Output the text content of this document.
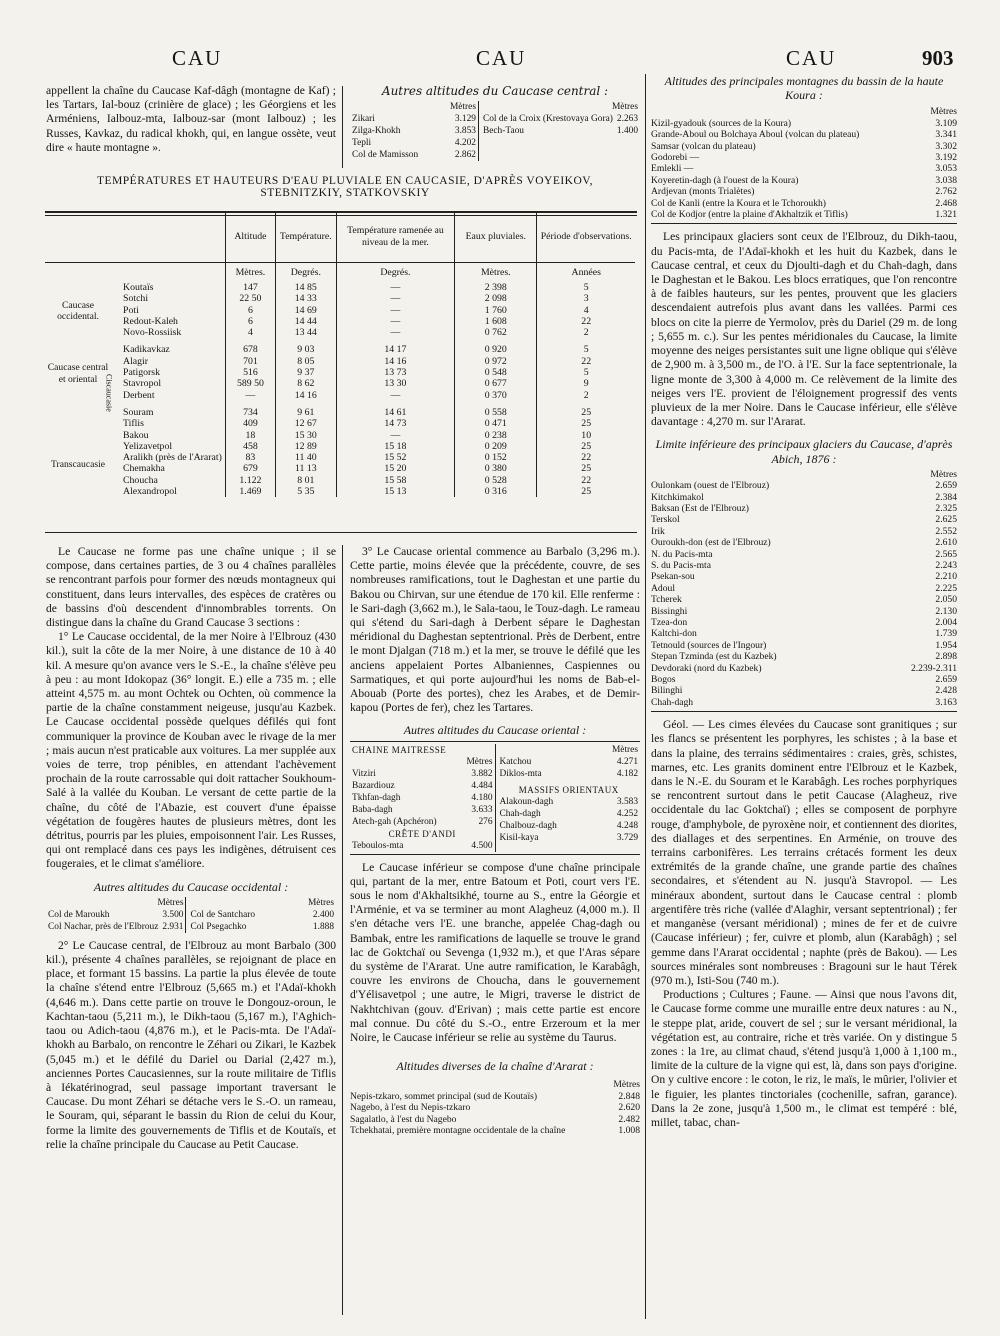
CAU	CAU	CAU	903

appellent la chaîne du Caucase Kaf-dâgh (montagne de Kaf) ; les Tartars, Ial-bouz (crinière de glace) ; les Géorgiens et les Arméniens, Ialbouz-mta, Ialbouz-sar (mont Ialbouz) ; les Russes, Kavkaz, du radical khokh, qui, en langue ossète, veut dire « haute montagne ».

Autres altitudes du Caucase central :
Mètres
Zikari	3.129
Zilga-Khokh	3.853
Tepli	4.202
Col de Mamisson	2.862

Mètres
Col de la Croix (Krestovaya Gora) 2.263
Bech-Taou	1.400
TEMPÉRATURES ET HAUTEURS D'EAU PLUVIALE EN CAUCASIE, D'APRÈS VOYEIKOV,
STEBNITZKIY, STATKOVSKIY
	Altitude	Température.	Température ramenée au niveau de la mer.	Eaux pluviales.	Période d'observations.
	Mètres.	Degrés.	Degrés.	Mètres.	Années

Caucase occidental.
Koutaïs	147	14 85	—	2 398	5
Sotchi	22 50	14 33	—	2 098	3
Poti	6	14 69	—	1 760	4
Redout-Kaleh	6	14 44	—	1 608	22
Novo-Rossiisk	4	13 44	—	0 762	2

Caucase central et oriental Ciscaucasie
Kadikavkaz	678	9 03	14 17	0 920	5
Alagir	701	8 05	14 16	0 972	22
Patigorsk	516	9 37	13 73	0 548	5
Stavropol	589 50	8 62	13 30	0 677	9
Derbent	—	14 16	—	0 370	2

Transcaucasie
Souram	734	9 61	14 61	0 558	25
Tiflis	409	12 67	14 73	0 471	25
Bakou	18	15 30	—	0 238	10
Yelizavetpol	458	12 89	15 18	0 209	25
Aralikh (près de l'Ararat)	83	11 40	15 52	0 152	22
Chemakha	679	11 13	15 20	0 380	25
Choucha	1.122	8 01	15 58	0 528	22
Alexandropol	1.469	5 35	15 13	0 316	25

Le Caucase ne forme pas une chaîne unique ; il se compose, dans certaines parties, de 3 ou 4 chaînes parallèles se rencontrant parfois pour former des nœuds montagneux qui constituent, dans leurs intervalles, des espèces de cratères ou de bassins d'où descendent d'innombrables torrents. On distingue dans la chaîne du Grand Caucase 3 sections :

1° Le Caucase occidental, de la mer Noire à l'Elbrouz (430 kil.), suit la côte de la mer Noire, à une distance de 10 à 40 kil. A mesure qu'on avance vers le S.-E., la chaîne s'élève peu à peu : au mont Idokopaz (36° longit. E.) elle a 735 m. ; elle atteint 4,575 m. au mont Ochtek ou Ochten, où commence la partie de la chaîne constamment neigeuse, jusqu'au Kazbek. Le Caucase occidental possède quelques défilés qui font communiquer la province de Kouban avec le rivage de la mer ; mais aucun n'est praticable aux voitures. La mer supplée aux voies de terre, trop pénibles, en attendant l'achèvement prochain de la route carrossable qui doit rattacher Soukhoum-Salé à la vallée du Kouban. Le versant de cette partie de la chaîne, du côté de l'Abazie, est couvert d'une épaisse végétation de fougères hautes de plusieurs mètres, dont les détritus, pourris par les pluies, empoisonnent l'air. Les Russes, qui ont remplacé dans ces pays les indigènes, détruisent ces fougeraies, et le climat s'améliore.

Autres altitudes du Caucase occidental :
Mètres
Col de Maroukh	3.500
Col Nachar, près de l'Elbrouz 2.931

Mètres
Col de Santcharo	2.400
Col Psegachko	1.888

2° Le Caucase central, de l'Elbrouz au mont Barbalo (300 kil.), présente 4 chaînes parallèles, se rejoignant de place en place, et formant 15 bassins. La partie la plus élevée de toute la chaîne s'étend entre l'Elbrouz (5,665 m.) et l'Adaï-khokh (4,646 m.). Dans cette partie on trouve le Dongouz-oroun, le Kachtan-taou (5,211 m.), le Dikh-taou (5,167 m.), l'Aghich-taou ou Adich-taou (4,876 m.), et le Pacis-mta. De l'Adaï-khokh au Barbalo, on rencontre le Zéhari ou Zikari, le Kazbek (5,045 m.) et le défilé du Dariel ou Darial (2,427 m.), anciennes Portes Caucasiennes, sur la route militaire de Tiflis à Iékatérinograd, seul passage important traversant le Caucase. Du mont Zéhari se détache vers le S.-O. un rameau, le Souram, qui, séparant le bassin du Rion de celui du Kour, forme la limite des gouvernements de Tiflis et de Koutaïs, et relie la chaîne principale du Caucase au Petit Caucase.

3° Le Caucase oriental commence au Barbalo (3,296 m.). Cette partie, moins élevée que la précédente, couvre, de ses nombreuses ramifications, tout le Daghestan et une partie du Bakou ou Chirvan, sur une étendue de 170 kil. Elle renferme : le Sari-dagh (3,662 m.), le Sala-taou, le Touz-dagh. Le rameau qui s'étend du Sari-dagh à Derbent sépare le Daghestan méridional du Daghestan septentrional. Près de Derbent, entre le mont Djalgan (718 m.) et la mer, se trouve le défilé que les anciens appelaient Portes Albaniennes, Caspiennes ou Sarmatiques, et qui porte aujourd'hui les noms de Bab-el-Abouab (Porte des portes), chez les Arabes, et de Demir-kapou (Portes de fer), chez les Tartares.

Autres altitudes du Caucase oriental :
CHAINE MAITRESSE
Mètres
Vitziri	3.882
Bazardiouz	4.484
Tkhfan-dagh	4.180
Baba-dagh	3.633
Atech-gah (Apchéron)	276
CRÊTE D'ANDI
Teboulos-mta	4.500

Mètres
Katchou	4.271
Diklos-mta	4.182
MASSIFS ORIENTAUX
Alakoun-dagh	3.583
Chah-dagh	4.252
Chalbouz-dagh	4.248
Kisil-kaya	3.729

Le Caucase inférieur se compose d'une chaîne principale qui, partant de la mer, entre Batoum et Poti, court vers l'E. sous le nom d'Akhaltsikhé, tourne au S., entre la Géorgie et l'Arménie, et va se terminer au mont Alagheuz (4,000 m.). Il s'en détache vers l'E. une branche, appelée Chag-dagh ou Bambak, entre les ramifications de laquelle se trouve le grand lac de Goktchaï ou Sevenga (1,932 m.), et que l'Aras sépare du système de l'Ararat. Une autre ramification, le Karabâgh, couvre les environs de Choucha, dans le gouvernement d'Yélisavetpol ; une autre, le Migri, traverse le district de Nakhtchivan (gouv. d'Erivan) ; mais cette partie est encore mal connue. Du côté du S.-O., entre Erzeroum et la mer Noire, le Caucase inférieur se relie au système du Taurus.

Altitudes diverses de la chaîne d'Ararat :
Mètres
Nepis-tzkaro, sommet principal (sud de Koutaïs)	2.848
Nagebo, à l'est du Nepis-tzkaro	2.620
Sagalatlo, à l'est du Nagebo	2.482
Tchekhatai, première montagne occidentale de la chaîne	1.008
Altitudes des principales montagnes du bassin de la haute Koura :
Mètres
Kizil-gyadouk (sources de la Koura)	3.109
Grande-Aboul ou Bolchaya Aboul (volcan du plateau)	3.341
Samsar (volcan du plateau)	3.302
Godorebi —	3.192
Emlekli —	3.053
Koyeretin-dagh (à l'ouest de la Koura)	3.038
Ardjevan (monts Trialètes)	2.762
Col de Kanli (entre la Koura et le Tchoroukh)	2.468
Col de Kodjor (entre la plaine d'Akhaltzik et Tiflis)	1.321

Les principaux glaciers sont ceux de l'Elbrouz, du Dikh-taou, du Pacis-mta, de l'Adaï-khokh et les huit du Kazbek, dans le Caucase central, et ceux du Djoulti-dagh et du Chah-dagh, dans le Daghestan et le Bakou. Les blocs erratiques, que l'on rencontre à de faibles hauteurs, sur les pentes, prouvent que les glaciers descendaient autrefois plus avant dans les vallées. Parmi ces blocs on cite la pierre de Yermolov, près du Dariel (29 m. de long ; 5,655 m. c.). Sur les pentes méridionales du Caucase, la limite moyenne des neiges persistantes suit une ligne oblique qui s'élève de 2,900 m. à 3,500 m., de l'O. à l'E. Sur la face septentrionale, la ligne monte de 3,300 à 4,000 m. Ce relèvement de la limite des neiges vers l'E. provient de l'éloignement progressif des vents pluvieux de la mer Noire. Dans le Caucase inférieur, elle s'élève davantage : 4,270 m. sur l'Ararat.

Limite inférieure des principaux glaciers du Caucase, d'après Abich, 1876 :
Mètres
Oulonkam (ouest de l'Elbrouz)	2.659
Kitchkimakol	2.384
Baksan (Est de l'Elbrouz)	2.325
Terskol	2.625
Irik	2.552
Ouroukh-don (est de l'Elbrouz)	2.610
N. du Pacis-mta	2.565
S. du Pacis-mta	2.243
Psekan-sou	2.210
Adoul	2.225
Tcherek	2.050
Bissinghi	2.130
Tzea-don	2.004
Kaltchi-don	1.739
Tetnould (sources de l'Ingour)	1.954
Stepan Tzminda (est du Kazbek)	2.898
Devdoraki (nord du Kazbek)	2.239-2.311
Bogos	2.659
Bilinghi	2.428
Chah-dagh	3.163

Géol. — Les cimes élevées du Caucase sont granitiques ; sur les flancs se présentent les porphyres, les schistes ; à la base et dans la plaine, des terrains sédimentaires : craies, grès, schistes, marnes, etc. Les granits dominent entre l'Elbrouz et le Kazbek, dans le N.-E. du Souram et le Karabâgh. Les roches porphyriques se rencontrent surtout dans le petit Caucase (Alagheuz, rive occidentale du lac Goktchaï) ; elles se composent de porphyre rouge, d'amphybole, de pyroxène noir, et contiennent des diorites, des diallages et des serpentines. En Arménie, on trouve des terrains carbonifères. Les terrains crétacés forment les deux extrémités de la grande chaîne, une grande partie des chaînes secondaires, et s'étendent au N. jusqu'à Stavropol. — Les minéraux abondent, surtout dans le Caucase central : plomb argentifère très riche (vallée d'Alaghir, versant septentrional) ; fer et manganèse (versant méridional) ; mines de fer et de cuivre (Caucase inférieur) ; fer, cuivre et plomb, alun (Karabâgh) ; sel gemme dans l'Ararat occidental ; naphte (près de Bakou). — Les sources minérales sont nombreuses : Bragouni sur le haut Térek (970 m.), Isti-Sou (740 m.).

Productions ; Cultures ; Faune. — Ainsi que nous l'avons dit, le Caucase forme comme une muraille entre deux natures : au N., le steppe plat, aride, couvert de sel ; sur le versant méridional, la végétation est, au contraire, riche et très variée. On y distingue 5 zones : la 1re, au climat chaud, s'étend jusqu'à 1,000 à 1,100 m., limite de la culture de la vigne qui est, là, dans son pays d'origine. On y cultive encore : le coton, le riz, le maïs, le mûrier, l'olivier et le figuier, les plantes tinctoriales (cochenille, safran, garance). Dans la 2e zone, jusqu'à 1,500 m., le climat est tempéré : blé, millet, tabac, chan-
